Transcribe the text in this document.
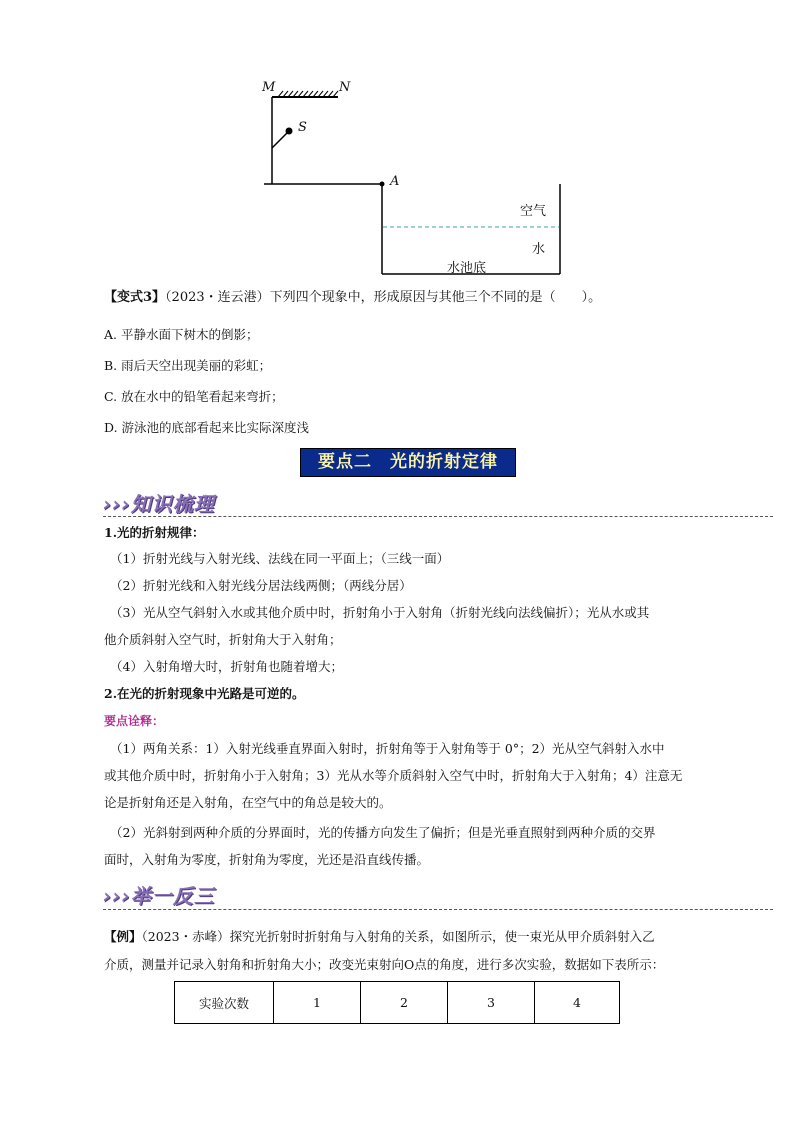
M	N
S
A
空气
水
水池底
【变式3】（2023・连云港）下列四个现象中，形成原因与其他三个不同的是（　　）。
A. 平静水面下树木的倒影；
B. 雨后天空出现美丽的彩虹；
C. 放在水中的铅笔看起来弯折；
D. 游泳池的底部看起来比实际深度浅
要点二　光的折射定律
›››知识梳理
1.光的折射规律：
（1）折射光线与入射光线、法线在同一平面上；（三线一面）
（2）折射光线和入射光线分居法线两侧；（两线分居）
（3）光从空气斜射入水或其他介质中时，折射角小于入射角（折射光线向法线偏折）；光从水或其
他介质斜射入空气时，折射角大于入射角；
（4）入射角增大时，折射角也随着增大；
2.在光的折射现象中光路是可逆的。
要点诠释：
（1）两角关系：1）入射光线垂直界面入射时，折射角等于入射角等于 0°；2）光从空气斜射入水中
或其他介质中时，折射角小于入射角；3）光从水等介质斜射入空气中时，折射角大于入射角；4）注意无
论是折射角还是入射角，在空气中的角总是较大的。
（2）光斜射到两种介质的分界面时，光的传播方向发生了偏折；但是光垂直照射到两种介质的交界
面时，入射角为零度，折射角为零度，光还是沿直线传播。
›››举一反三
【例】（2023・赤峰）探究光折射时折射角与入射角的关系，如图所示，使一束光从甲介质斜射入乙
介质，测量并记录入射角和折射角大小；改变光束射向O点的角度，进行多次实验，数据如下表所示：
实验次数	1	2	3	4
